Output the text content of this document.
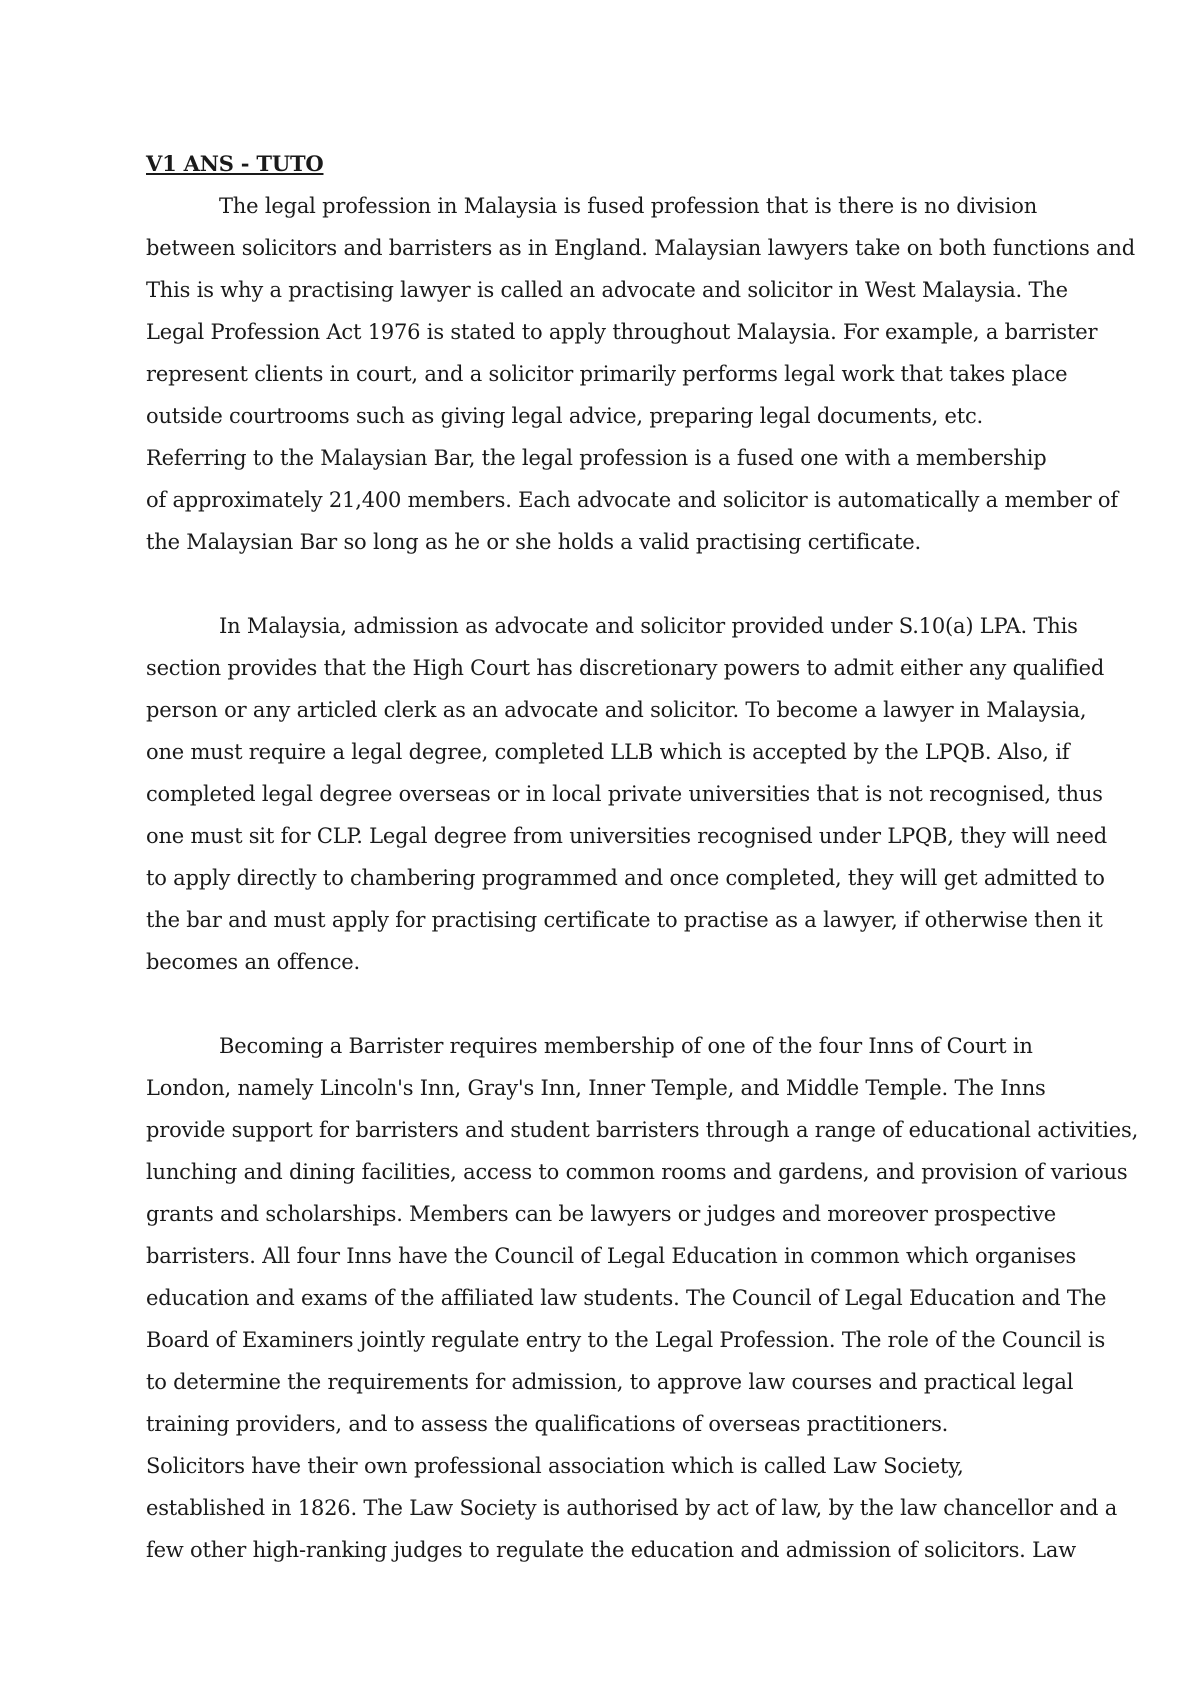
V1 ANS - TUTO

The legal profession in Malaysia is fused profession that is there is no division

between solicitors and barristers as in England. Malaysian lawyers take on both functions and

This is why a practising lawyer is called an advocate and solicitor in West Malaysia. The

Legal Profession Act 1976 is stated to apply throughout Malaysia. For example, a barrister

represent clients in court, and a solicitor primarily performs legal work that takes place

outside courtrooms such as giving legal advice, preparing legal documents, etc.

Referring to the Malaysian Bar, the legal profession is a fused one with a membership

of approximately 21,400 members. Each advocate and solicitor is automatically a member of

the Malaysian Bar so long as he or she holds a valid practising certificate.

In Malaysia, admission as advocate and solicitor provided under S.10(a) LPA. This

section provides that the High Court has discretionary powers to admit either any qualified

person or any articled clerk as an advocate and solicitor. To become a lawyer in Malaysia,

one must require a legal degree, completed LLB which is accepted by the LPQB. Also, if

completed legal degree overseas or in local private universities that is not recognised, thus

one must sit for CLP. Legal degree from universities recognised under LPQB, they will need

to apply directly to chambering programmed and once completed, they will get admitted to

the bar and must apply for practising certificate to practise as a lawyer, if otherwise then it

becomes an offence.

Becoming a Barrister requires membership of one of the four Inns of Court in

London, namely Lincoln's Inn, Gray's Inn, Inner Temple, and Middle Temple. The Inns

provide support for barristers and student barristers through a range of educational activities,

lunching and dining facilities, access to common rooms and gardens, and provision of various

grants and scholarships. Members can be lawyers or judges and moreover prospective

barristers. All four Inns have the Council of Legal Education in common which organises

education and exams of the affiliated law students. The Council of Legal Education and The

Board of Examiners jointly regulate entry to the Legal Profession. The role of the Council is

to determine the requirements for admission, to approve law courses and practical legal

training providers, and to assess the qualifications of overseas practitioners.

Solicitors have their own professional association which is called Law Society,

established in 1826. The Law Society is authorised by act of law, by the law chancellor and a

few other high-ranking judges to regulate the education and admission of solicitors. Law
